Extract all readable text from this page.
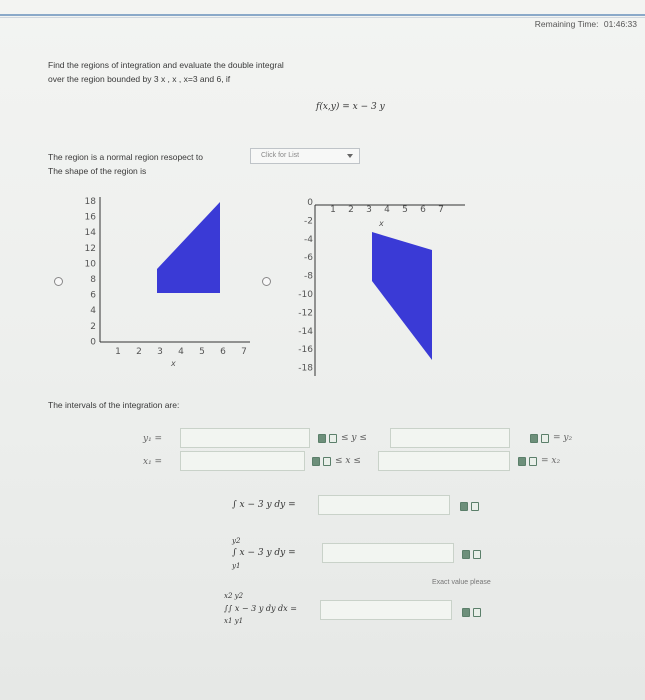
Remaining Time: 01:46:33
Find the regions of integration and evaluate the double integral
over the region bounded by 3 x , x , x=3 and 6, if
f(x,y) = x − 3 y
The region is a normal region resopect to
The shape of the region is
Click for List
18
16
14
12
10
8
6
4
2
0
1 2 3 4 5 6 7
x
0
-2
-4
-6
-8
-10
-12
-14
-16
-18
1 2 3 4 5 6 7
x
The intervals of the integration are:
y₁ =	≤ y ≤	= y₂
x₁ =	≤ x ≤	= x₂
∫ x − 3 y dy =
y2
∫ x − 3 y dy =
y1
Exact value please
x2 y2
∫∫ x − 3 y dy dx =
x1 y1
